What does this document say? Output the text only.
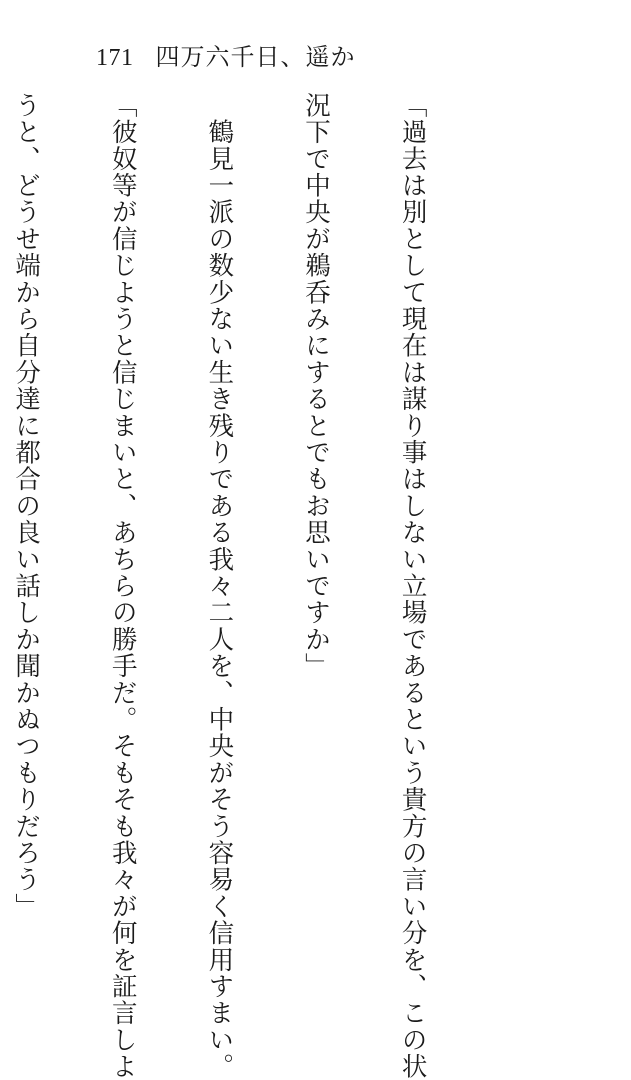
171 四万六千日、遥か

「過去は別として現在は謀り事はしない立場であるという貴方の言い分を、この状

況下で中央が鵜呑みにするとでもお思いですか」

　鶴見一派の数少ない生き残りである我々二人を、中央がそう容易く信用すまい。

「彼奴等が信じようと信じまいと、あちらの勝手だ。そもそも我々が何を証言しよ

うと、どうせ端から自分達に都合の良い話しか聞かぬつもりだろう」
